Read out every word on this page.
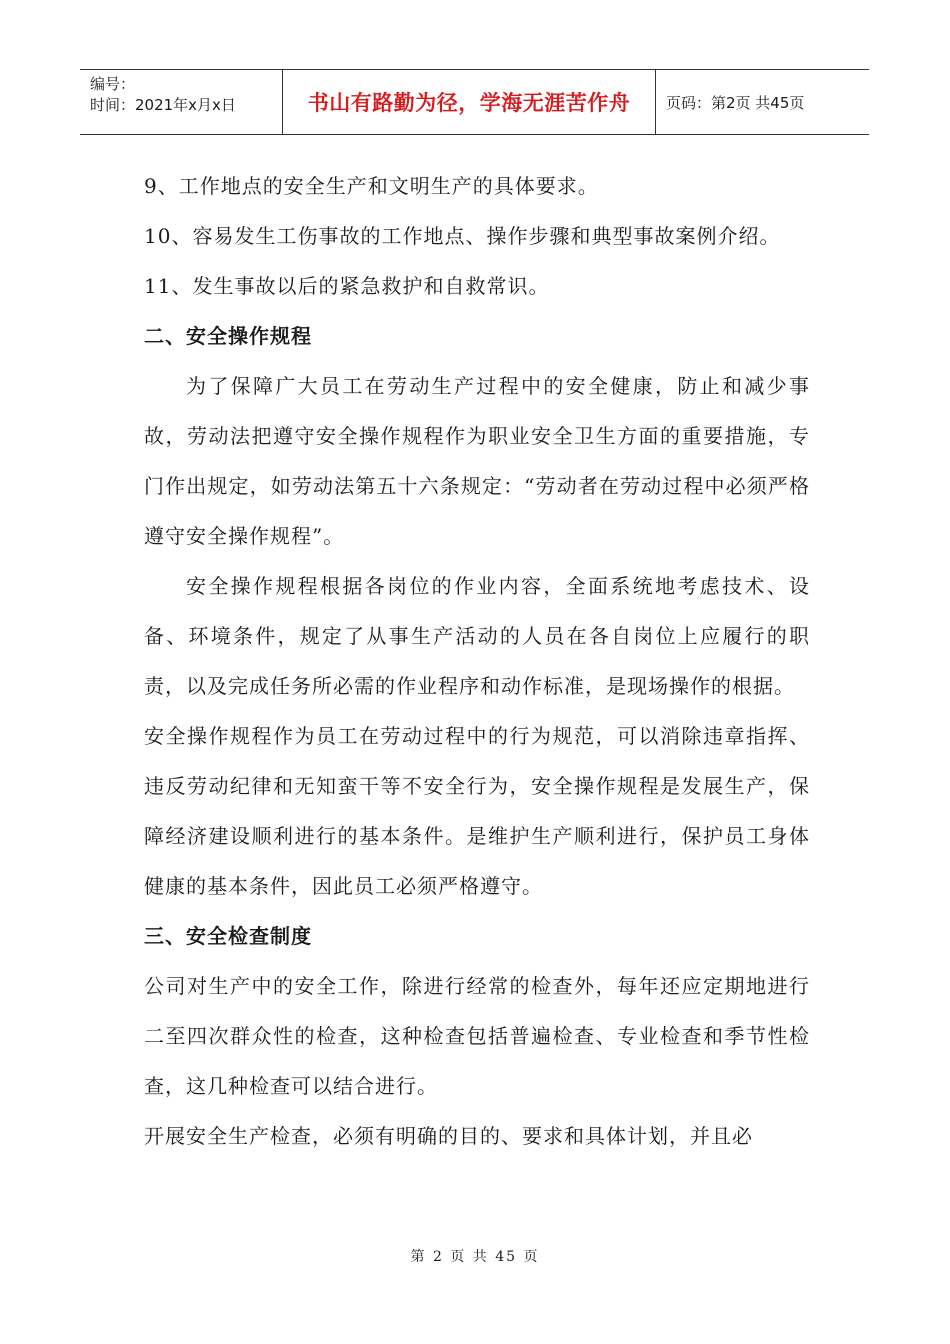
编号：
时间：2021年x月x日	书山有路勤为径，学海无涯苦作舟	页码：第2页 共45页

9、工作地点的安全生产和文明生产的具体要求。

10、容易发生工伤事故的工作地点、操作步骤和典型事故案例介绍。

11、发生事故以后的紧急救护和自救常识。

二、安全操作规程

为了保障广大员工在劳动生产过程中的安全健康，防止和减少事故，劳动法把遵守安全操作规程作为职业安全卫生方面的重要措施，专门作出规定，如劳动法第五十六条规定：“劳动者在劳动过程中必须严格遵守安全操作规程”。

安全操作规程根据各岗位的作业内容，全面系统地考虑技术、设备、环境条件，规定了从事生产活动的人员在各自岗位上应履行的职责，以及完成任务所必需的作业程序和动作标准，是现场操作的根据。

安全操作规程作为员工在劳动过程中的行为规范，可以消除违章指挥、违反劳动纪律和无知蛮干等不安全行为，安全操作规程是发展生产，保障经济建设顺利进行的基本条件。是维护生产顺利进行，保护员工身体健康的基本条件，因此员工必须严格遵守。

三、安全检查制度

公司对生产中的安全工作，除进行经常的检查外，每年还应定期地进行二至四次群众性的检查，这种检查包括普遍检查、专业检查和季节性检查，这几种检查可以结合进行。

开展安全生产检查，必须有明确的目的、要求和具体计划，并且必

第 2 页 共 45 页
